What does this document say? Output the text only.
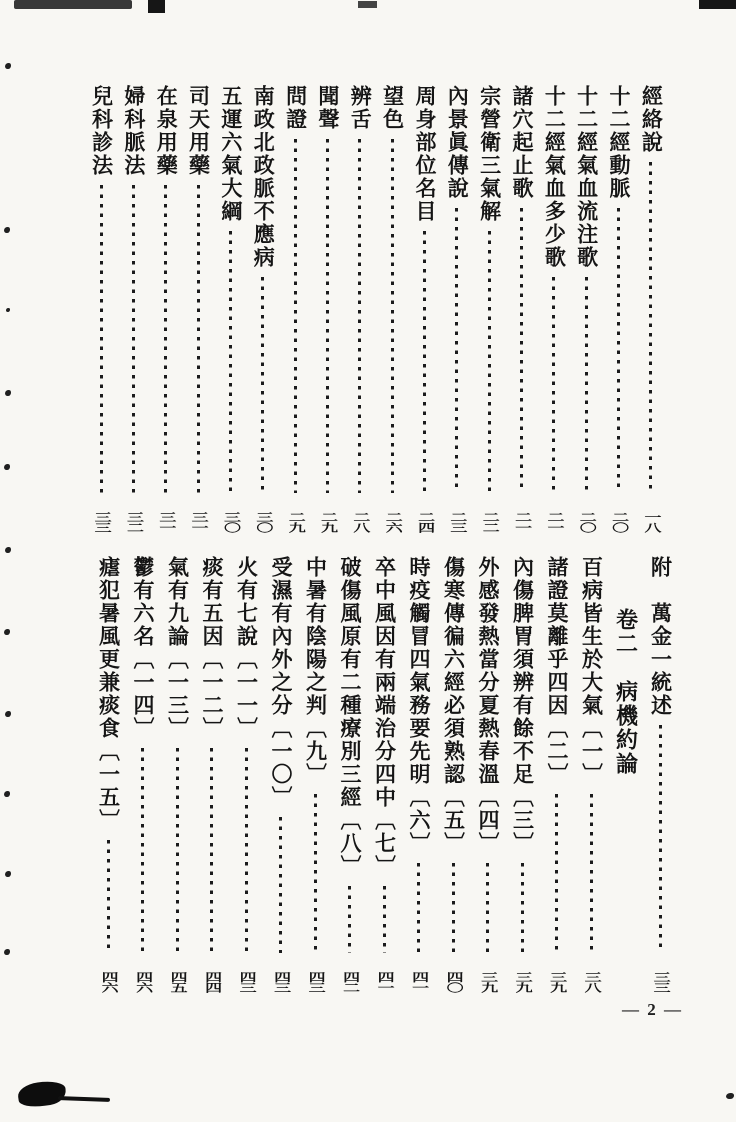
經絡說
一八
十二經動脈
二〇
十二經氣血流注歌
二〇
十二經氣血多少歌
二一
諸穴起止歌
二一
宗營衛三氣解
二二
內景眞傳說
二三
周身部位名目
二四
望色
二六
辨舌
二八
聞聲
二九
問證
二九
南政北政脈不應病
三〇
五運六氣大綱
三〇
司天用藥
三一
在泉用藥
三一
婦科脈法
三二
兒科診法
三三
附　萬金一統述
三三
卷二　病機約論
百病皆生於大氣〔一〕
三八
諸證莫離乎四因〔二〕
三九
內傷脾胃須辨有餘不足〔三〕
三九
外感發熱當分夏熱春溫〔四〕
三九
傷寒傳徧六經必須熟認〔五〕
四〇
時疫觸冒四氣務要先明〔六〕
四一
卒中風因有兩端治分四中〔七〕
四一
破傷風原有二種療別三經〔八〕
四二
中暑有陰陽之判〔九〕
四三
受濕有內外之分〔一〇〕
四三
火有七說〔一一〕
四三
痰有五因〔一二〕
四四
氣有九論〔一三〕
四五
鬱有六名〔一四〕
四六
瘧犯暑風更兼痰食〔一五〕
四六
— 2 —
